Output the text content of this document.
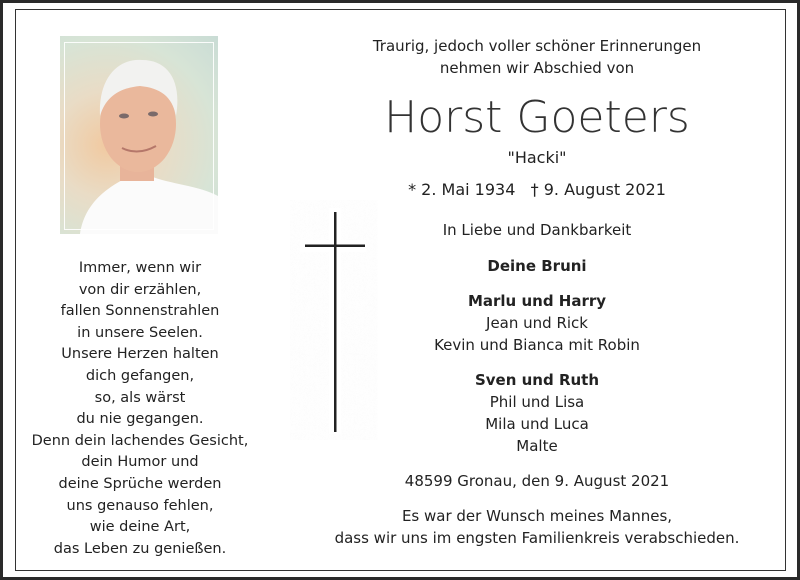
Immer, wenn wir
von dir erzählen,
fallen Sonnenstrahlen
in unsere Seelen.
Unsere Herzen halten
dich gefangen,
so, als wärst
du nie gegangen.
Denn dein lachendes Gesicht,
dein Humor und
deine Sprüche werden
uns genauso fehlen,
wie deine Art,
das Leben zu genießen.
Traurig, jedoch voller schöner Erinnerungen
nehmen wir Abschied von
Horst Goeters
"Hacki"
* 2. Mai 1934 † 9. August 2021
In Liebe und Dankbarkeit
Deine Bruni
Marlu und Harry
Jean und Rick
Kevin und Bianca mit Robin
Sven und Ruth
Phil und Lisa
Mila und Luca
Malte
48599 Gronau, den 9. August 2021
Es war der Wunsch meines Mannes,
dass wir uns im engsten Familienkreis verabschieden.
